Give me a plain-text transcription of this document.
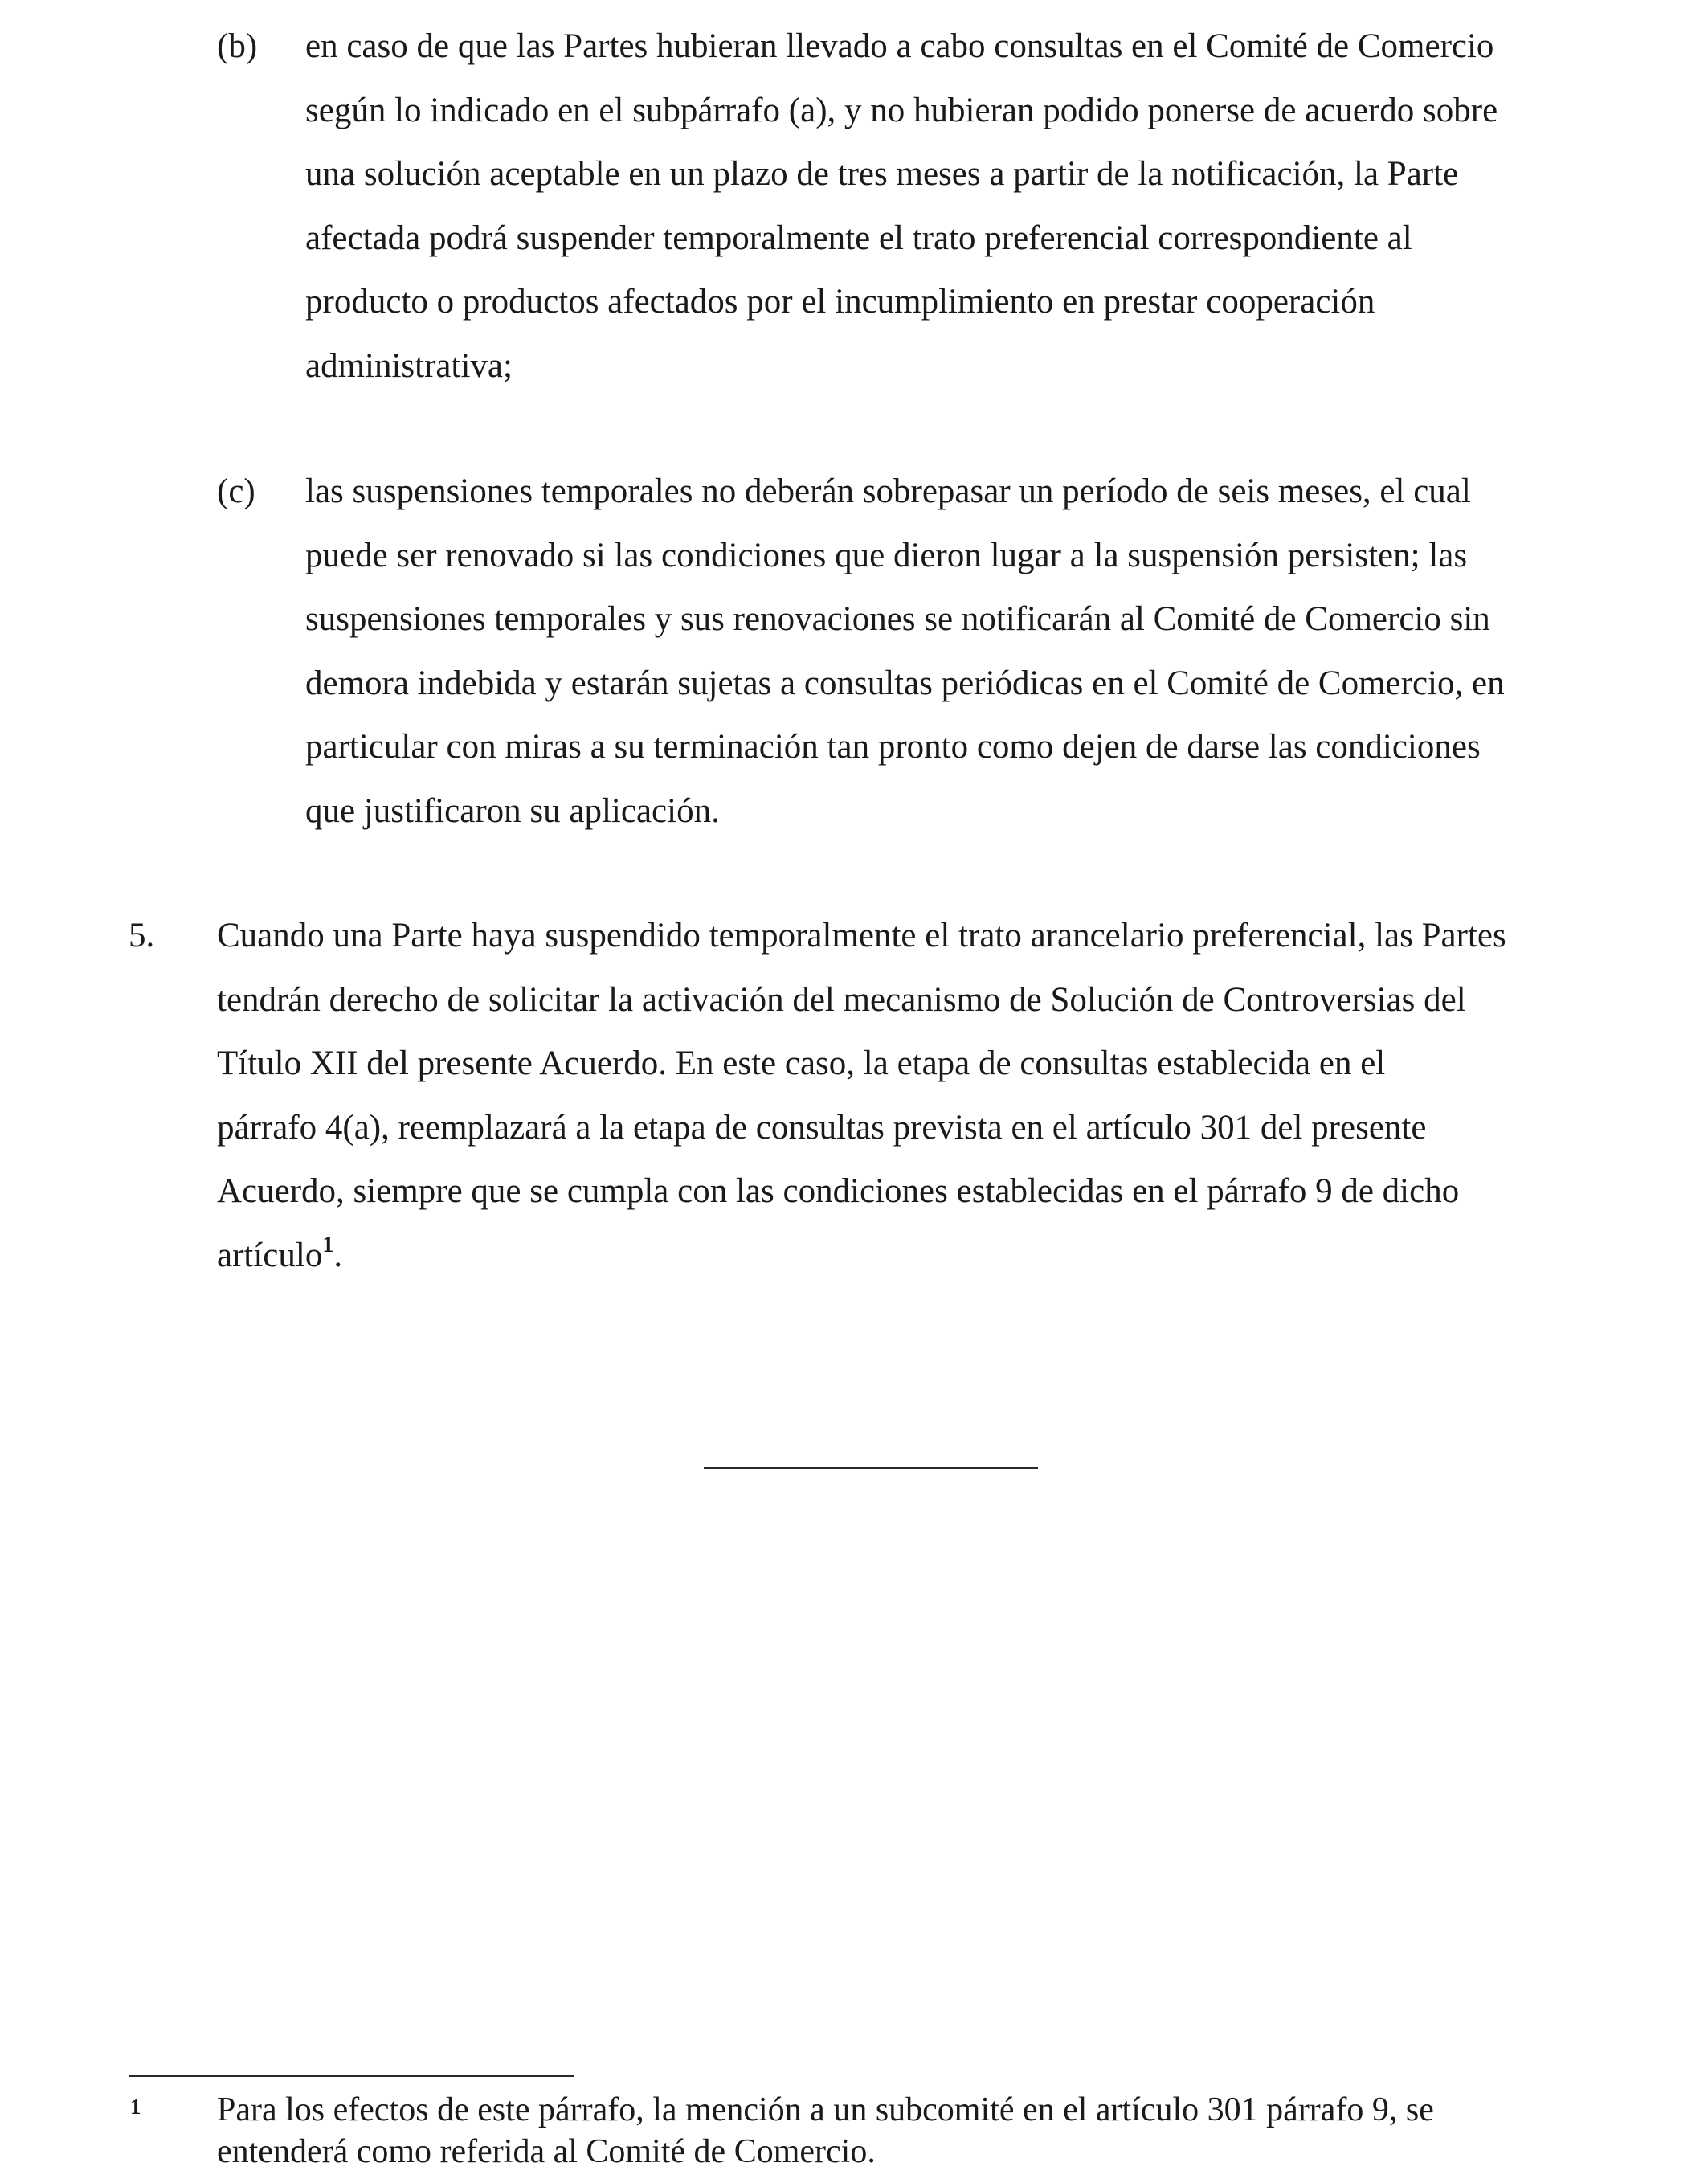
(b) en caso de que las Partes hubieran llevado a cabo consultas en el Comité de Comercio
según lo indicado en el subpárrafo (a), y no hubieran podido ponerse de acuerdo sobre
una solución aceptable en un plazo de tres meses a partir de la notificación, la Parte
afectada podrá suspender temporalmente el trato preferencial correspondiente al
producto o productos afectados por el incumplimiento en prestar cooperación
administrativa;
(c) las suspensiones temporales no deberán sobrepasar un período de seis meses, el cual
puede ser renovado si las condiciones que dieron lugar a la suspensión persisten; las
suspensiones temporales y sus renovaciones se notificarán al Comité de Comercio sin
demora indebida y estarán sujetas a consultas periódicas en el Comité de Comercio, en
particular con miras a su terminación tan pronto como dejen de darse las condiciones
que justificaron su aplicación.
5. Cuando una Parte haya suspendido temporalmente el trato arancelario preferencial, las Partes
tendrán derecho de solicitar la activación del mecanismo de Solución de Controversias del
Título XII del presente Acuerdo. En este caso, la etapa de consultas establecida en el
párrafo 4(a), reemplazará a la etapa de consultas prevista en el artículo 301 del presente
Acuerdo, siempre que se cumpla con las condiciones establecidas en el párrafo 9 de dicho
artículo$^1$.
1 Para los efectos de este párrafo, la mención a un subcomité en el artículo 301 párrafo 9, se
entenderá como referida al Comité de Comercio.
